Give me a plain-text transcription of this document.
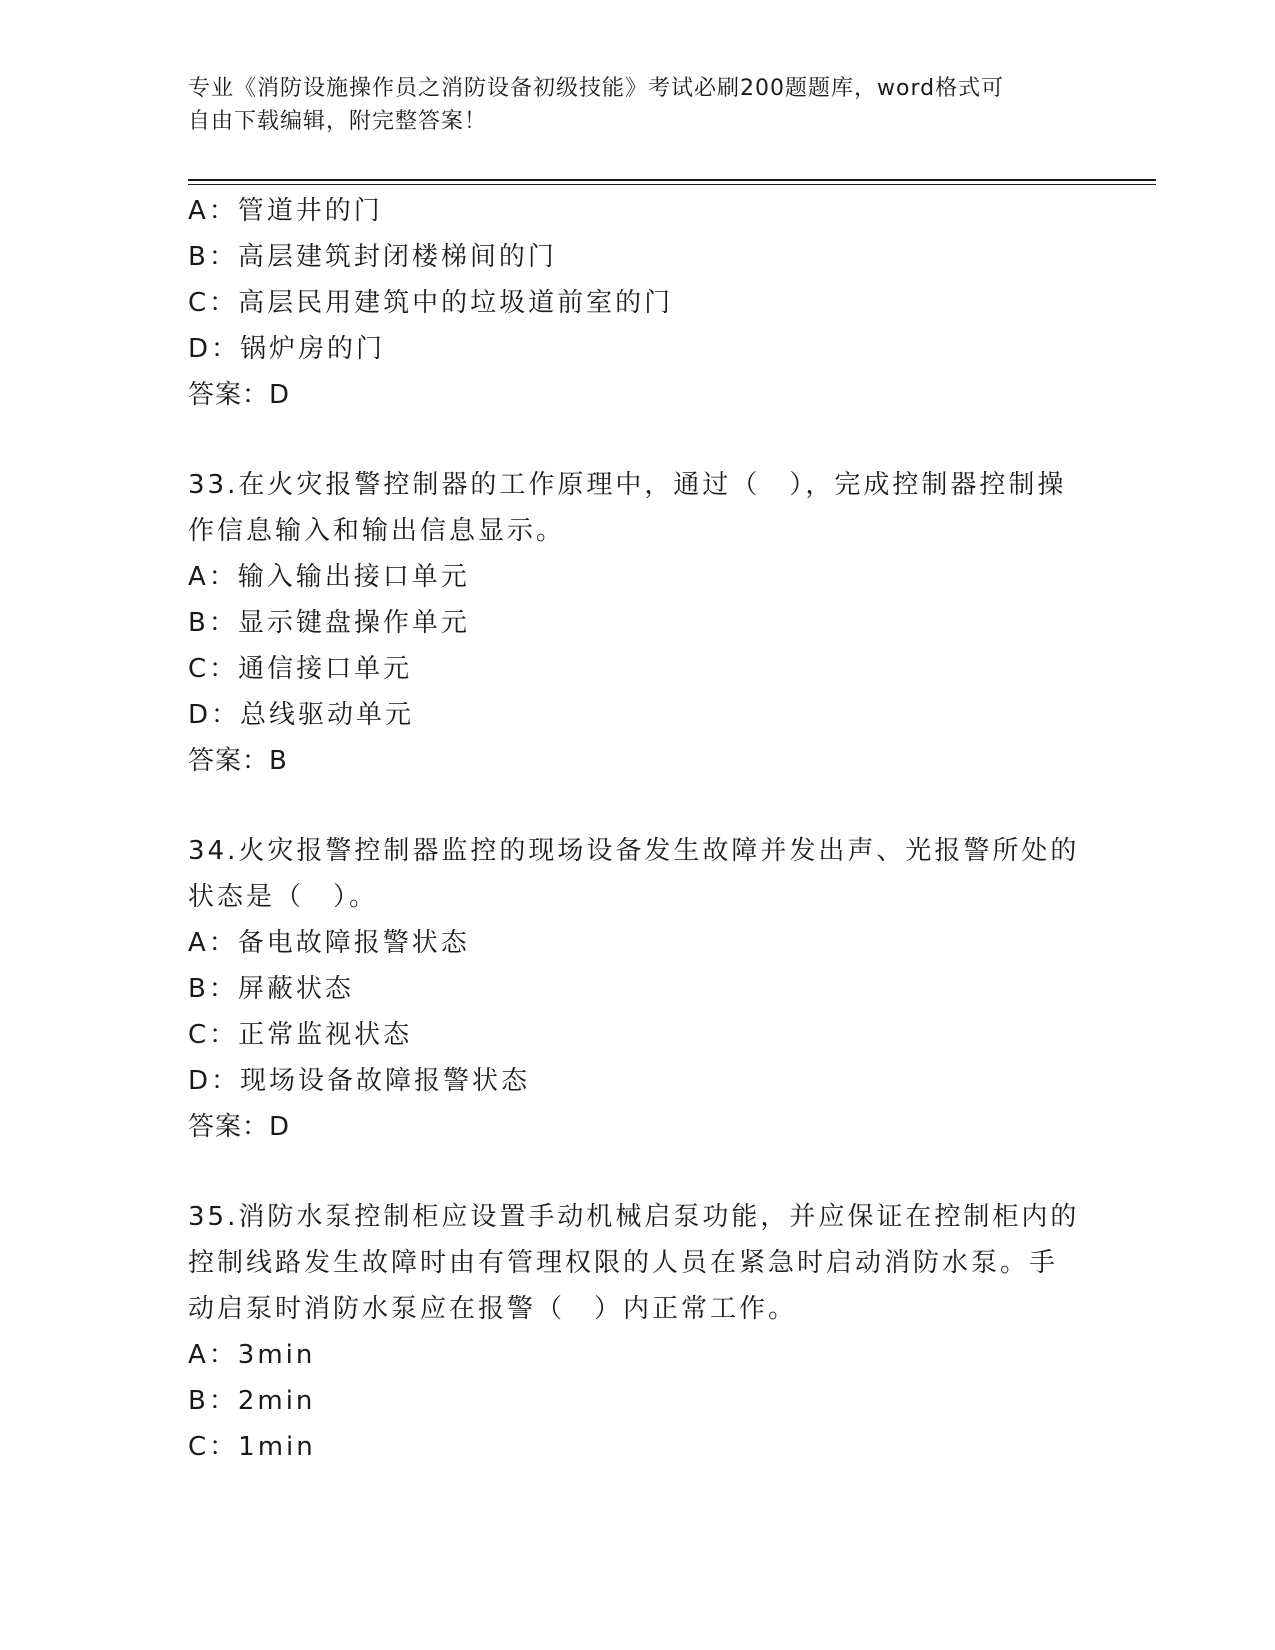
专业《消防设施操作员之消防设备初级技能》考试必刷200题题库，word格式可
自由下载编辑，附完整答案！
A：管道井的门
B：高层建筑封闭楼梯间的门
C：高层民用建筑中的垃圾道前室的门
D：锅炉房的门
答案：D
33.在火灾报警控制器的工作原理中，通过（　），完成控制器控制操
作信息输入和输出信息显示。
A：输入输出接口单元
B：显示键盘操作单元
C：通信接口单元
D：总线驱动单元
答案：B
34.火灾报警控制器监控的现场设备发生故障并发出声、光报警所处的
状态是（　）。
A：备电故障报警状态
B：屏蔽状态
C：正常监视状态
D：现场设备故障报警状态
答案：D
35.消防水泵控制柜应设置手动机械启泵功能，并应保证在控制柜内的
控制线路发生故障时由有管理权限的人员在紧急时启动消防水泵。手
动启泵时消防水泵应在报警（　）内正常工作。
A：3min
B：2min
C：1min
